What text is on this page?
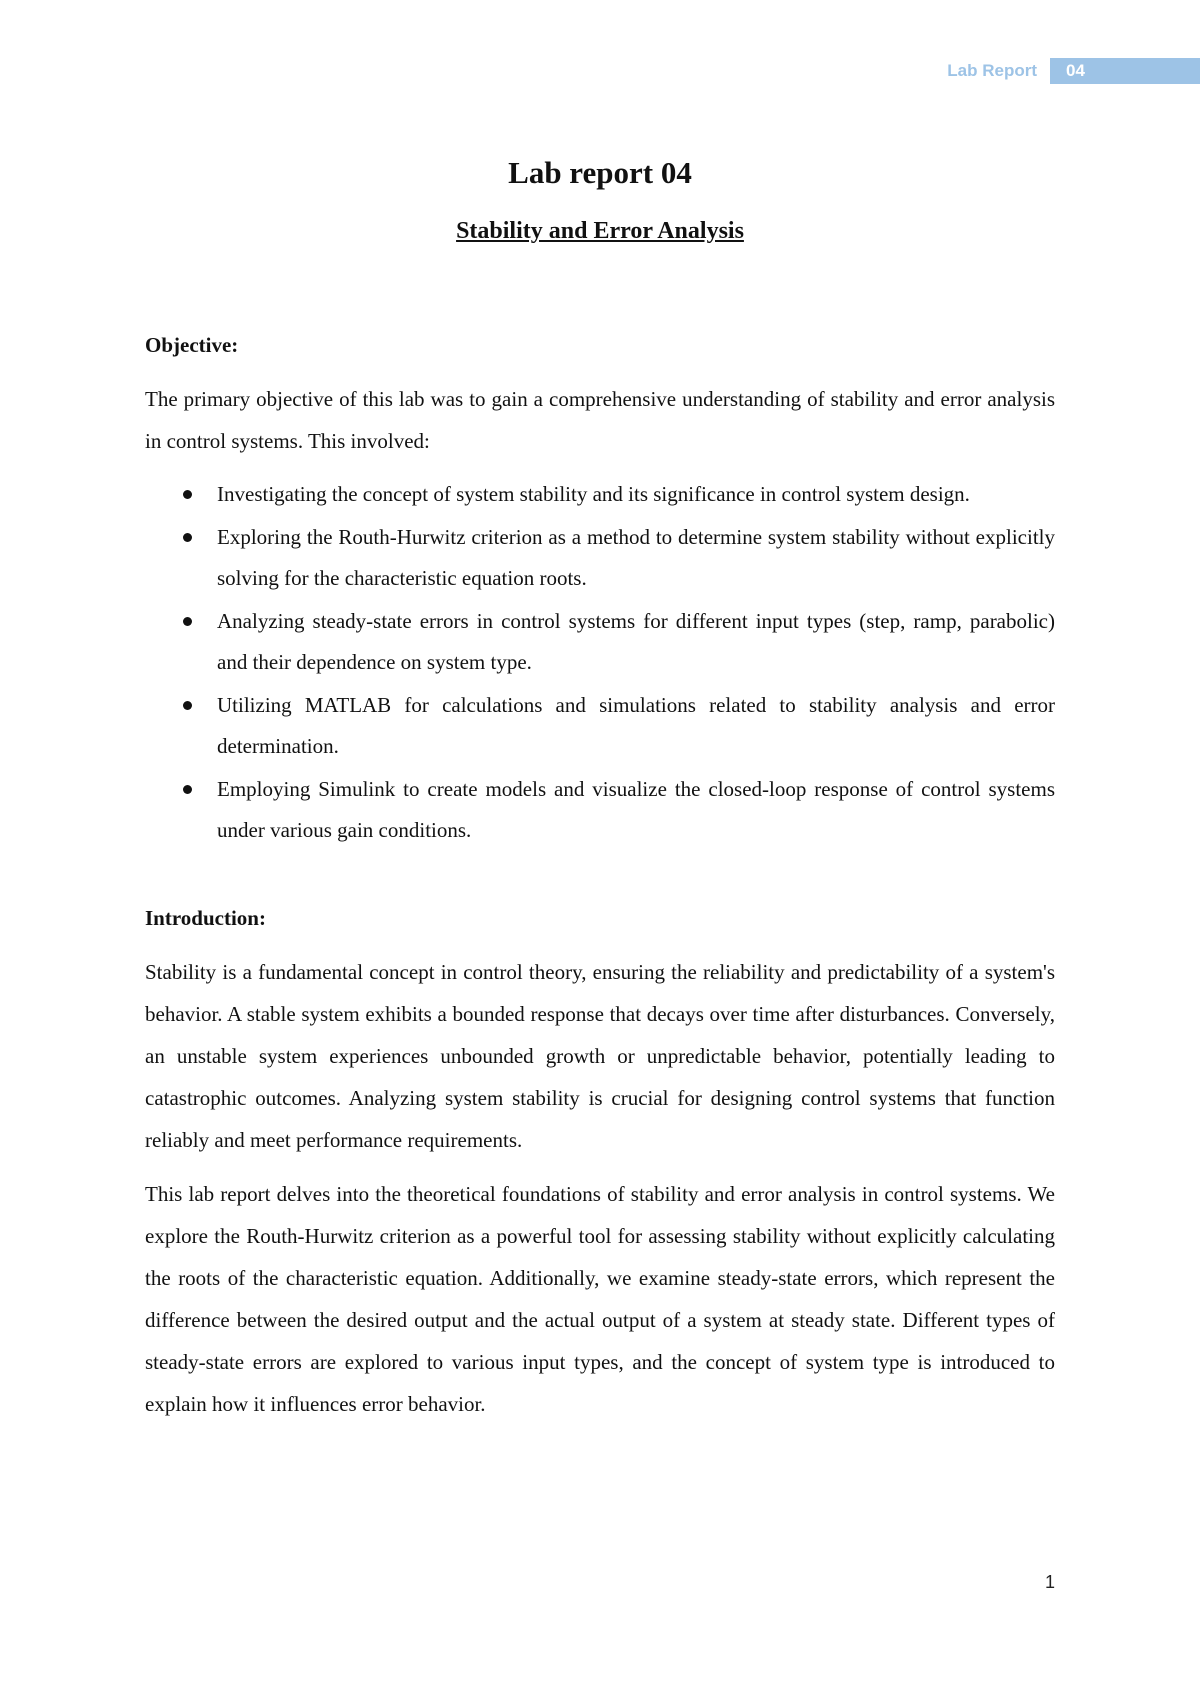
Lab Report	04
Lab report 04
Stability and Error Analysis
Objective:

The primary objective of this lab was to gain a comprehensive understanding of stability and error analysis in control systems. This involved:

Investigating the concept of system stability and its significance in control system design.
Exploring the Routh-Hurwitz criterion as a method to determine system stability without explicitly solving for the characteristic equation roots.
Analyzing steady-state errors in control systems for different input types (step, ramp, parabolic) and their dependence on system type.
Utilizing MATLAB for calculations and simulations related to stability analysis and error determination.
Employing Simulink to create models and visualize the closed-loop response of control systems under various gain conditions.
Introduction:

Stability is a fundamental concept in control theory, ensuring the reliability and predictability of a system's behavior. A stable system exhibits a bounded response that decays over time after disturbances. Conversely, an unstable system experiences unbounded growth or unpredictable behavior, potentially leading to catastrophic outcomes. Analyzing system stability is crucial for designing control systems that function reliably and meet performance requirements.

This lab report delves into the theoretical foundations of stability and error analysis in control systems. We explore the Routh-Hurwitz criterion as a powerful tool for assessing stability without explicitly calculating the roots of the characteristic equation. Additionally, we examine steady-state errors, which represent the difference between the desired output and the actual output of a system at steady state. Different types of steady-state errors are explored to various input types, and the concept of system type is introduced to explain how it influences error behavior.

1
